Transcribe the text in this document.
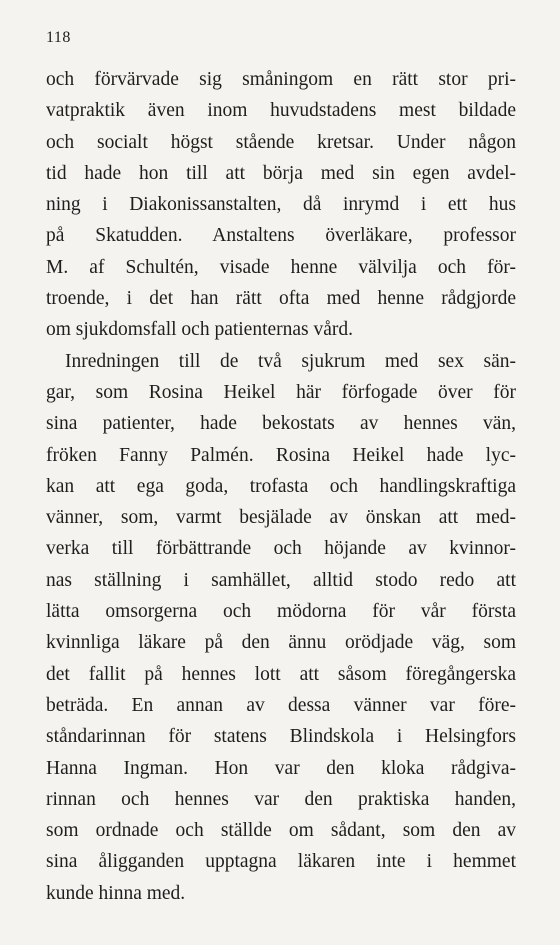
118
och förvärvade sig småningom en rätt stor pri-
vatpraktik även inom huvudstadens mest bildade
och socialt högst stående kretsar. Under någon
tid hade hon till att börja med sin egen avdel-
ning i Diakonissanstalten, då inrymd i ett hus
på Skatudden. Anstaltens överläkare, professor
M. af Schultén, visade henne välvilja och för-
troende, i det han rätt ofta med henne rådgjorde
om sjukdomsfall och patienternas vård.
Inredningen till de två sjukrum med sex sän-
gar, som Rosina Heikel här förfogade över för
sina patienter, hade bekostats av hennes vän,
fröken Fanny Palmén. Rosina Heikel hade lyc-
kan att ega goda, trofasta och handlingskraftiga
vänner, som, varmt besjälade av önskan att med-
verka till förbättrande och höjande av kvinnor-
nas ställning i samhället, alltid stodo redo att
lätta omsorgerna och mödorna för vår första
kvinnliga läkare på den ännu orödjade väg, som
det fallit på hennes lott att såsom föregångerska
beträda. En annan av dessa vänner var före-
ståndarinnan för statens Blindskola i Helsingfors
Hanna Ingman. Hon var den kloka rådgiva-
rinnan och hennes var den praktiska handen,
som ordnade och ställde om sådant, som den av
sina åligganden upptagna läkaren inte i hemmet
kunde hinna med.
